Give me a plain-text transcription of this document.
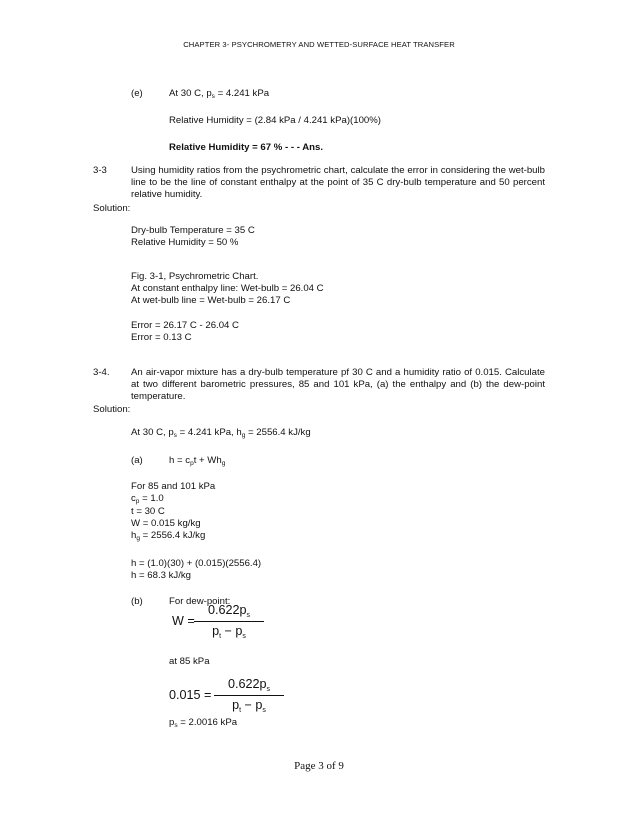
CHAPTER 3- PSYCHROMETRY AND WETTED-SURFACE HEAT TRANSFER
(e)	At 30 C, $p_s = 4.241$ kPa
Relative Humidity = (2.84 kPa / 4.241 kPa)(100%)
Relative Humidity = 67 % - - - Ans.
3-3	Using humidity ratios from the psychrometric chart, calculate the error in considering the wet-bulb line to be the line of constant enthalpy at the point of 35 C dry-bulb temperature and 50 percent relative humidity.
Solution:
Dry-bulb Temperature = 35 C
Relative Humidity = 50 %
Fig. 3-1, Psychrometric Chart.
At constant enthalpy line: Wet-bulb = 26.04 C
At wet-bulb line = Wet-bulb = 26.17 C
Error = 26.17 C - 26.04 C
Error = 0.13 C
3-4. An air-vapor mixture has a dry-bulb temperature pf 30 C and a humidity ratio of 0.015. Calculate at two different barometric pressures, 85 and 101 kPa, (a) the enthalpy and (b) the dew-point temperature.
Solution:
At 30 C, $p_s = 4.241$ kPa, $h_g = 2556.4$ kJ/kg
(a)	$h = c_pt + Wh_g$
For 85 and 101 kPa
$c_p = 1.0$
t = 30 C
W = 0.015 kg/kg
$h_g = 2556.4$ kJ/kg
h = (1.0)(30) + (0.015)(2556.4)
h = 68.3 kJ/kg
(b)	For dew-point:
W =
$0.622p_s$
$p_t - p_s$
at 85 kPa
0.015 =
$0.622p_s$
$p_t - p_s$
$p_s = 2.0016$ kPa
Page 3 of 9
